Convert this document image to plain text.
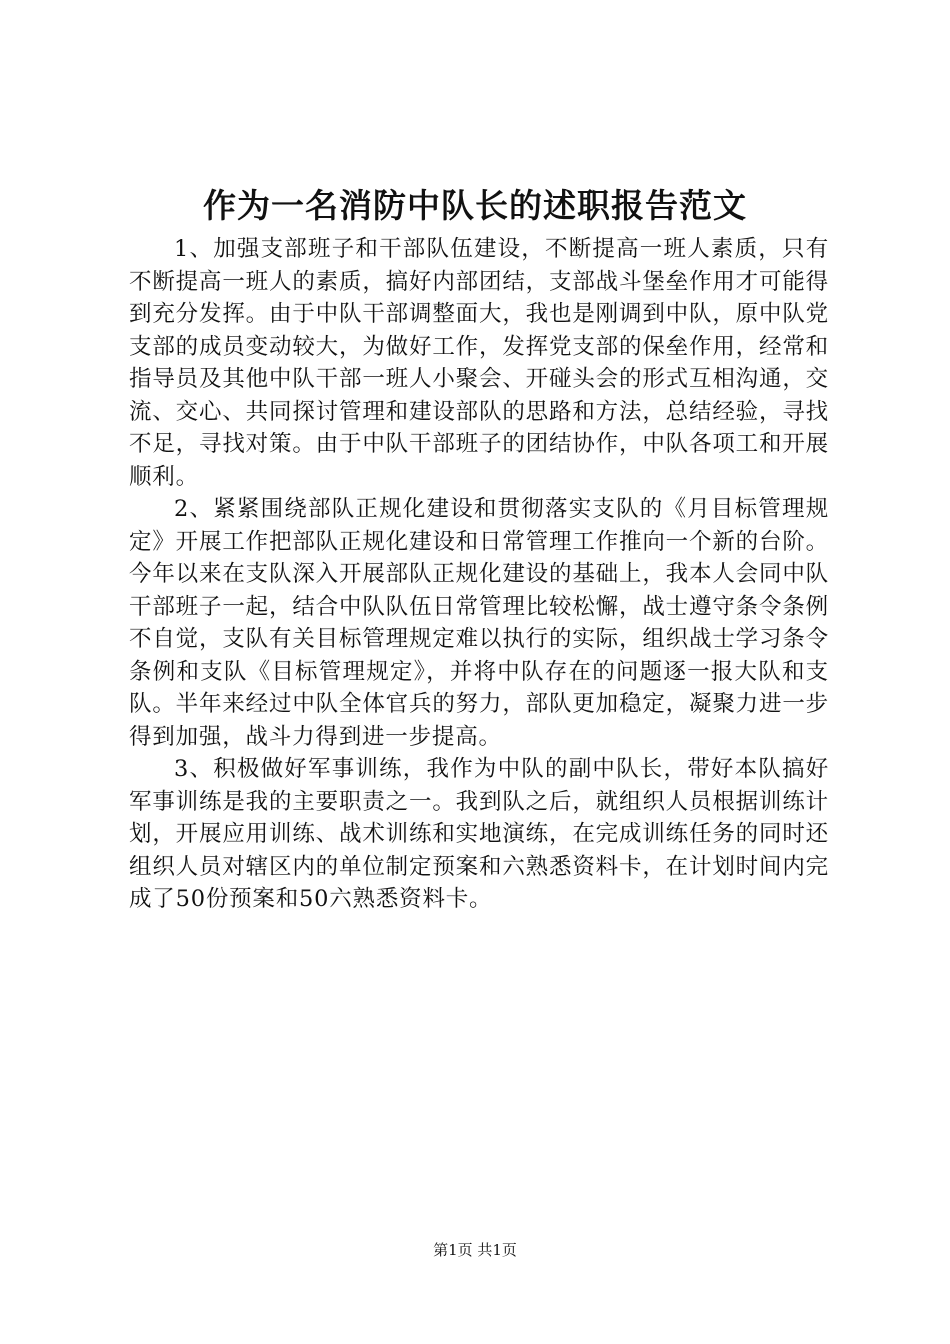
作为一名消防中队长的述职报告范文

1、加强支部班子和干部队伍建设，不断提高一班人素质，只有不断提高一班人的素质，搞好内部团结，支部战斗堡垒作用才可能得到充分发挥。由于中队干部调整面大，我也是刚调到中队，原中队党支部的成员变动较大，为做好工作，发挥党支部的保垒作用，经常和指导员及其他中队干部一班人小聚会、开碰头会的形式互相沟通，交流、交心、共同探讨管理和建设部队的思路和方法，总结经验，寻找不足，寻找对策。由于中队干部班子的团结协作，中队各项工和开展顺利。

2、紧紧围绕部队正规化建设和贯彻落实支队的《月目标管理规定》开展工作把部队正规化建设和日常管理工作推向一个新的台阶。今年以来在支队深入开展部队正规化建设的基础上，我本人会同中队干部班子一起，结合中队队伍日常管理比较松懈，战士遵守条令条例不自觉，支队有关目标管理规定难以执行的实际，组织战士学习条令条例和支队《目标管理规定》，并将中队存在的问题逐一报大队和支队。半年来经过中队全体官兵的努力，部队更加稳定，凝聚力进一步得到加强，战斗力得到进一步提高。

3、积极做好军事训练，我作为中队的副中队长，带好本队搞好军事训练是我的主要职责之一。我到队之后，就组织人员根据训练计划，开展应用训练、战术训练和实地演练，在完成训练任务的同时还组织人员对辖区内的单位制定预案和六熟悉资料卡，在计划时间内完成了50份预案和50六熟悉资料卡。

第1页 共1页
